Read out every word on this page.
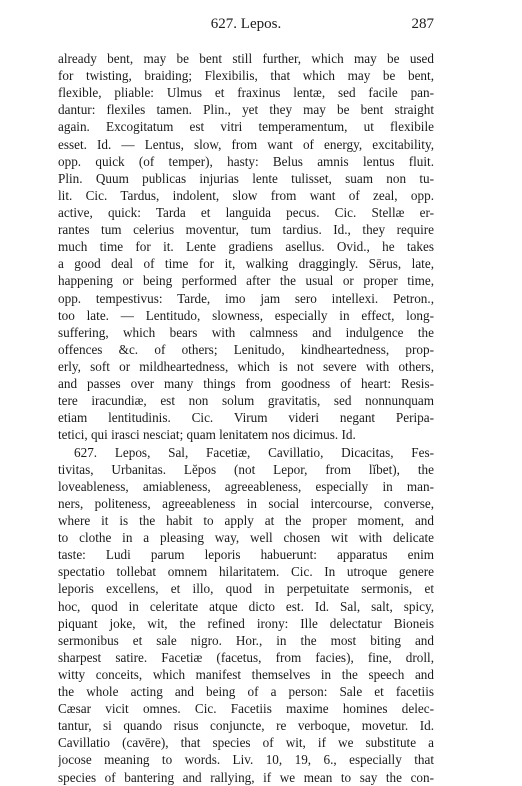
627. Lepos.	287
already bent, may be bent still further, which may be used
for twisting, braiding; Flexibilis, that which may be bent,
flexible, pliable: Ulmus et fraxinus lentæ, sed facile pan-
dantur: flexiles tamen. Plin., yet they may be bent straight
again. Excogitatum est vitri temperamentum, ut flexibile
esset. Id. — Lentus, slow, from want of energy, excitability,
opp. quick (of temper), hasty: Belus amnis lentus fluit.
Plin. Quum publicas injurias lente tulisset, suam non tu-
lit. Cic. Tardus, indolent, slow from want of zeal, opp.
active, quick: Tarda et languida pecus. Cic. Stellæ er-
rantes tum celerius moventur, tum tardius. Id., they require
much time for it. Lente gradiens asellus. Ovid., he takes
a good deal of time for it, walking draggingly. Sērus, late,
happening or being performed after the usual or proper time,
opp. tempestivus: Tarde, imo jam sero intellexi. Petron.,
too late. — Lentitudo, slowness, especially in effect, long-
suffering, which bears with calmness and indulgence the
offences &c. of others; Lenitudo, kindheartedness, prop-
erly, soft or mildheartedness, which is not severe with others,
and passes over many things from goodness of heart: Resis-
tere iracundiæ, est non solum gravitatis, sed nonnunquam
etiam lentitudinis. Cic. Virum videri negant Peripa-
tetici, qui irasci nesciat; quam lenitatem nos dicimus. Id.
627. Lepos, Sal, Facetiæ, Cavillatio, Dicacitas, Fes-
tivitas, Urbanitas. Lĕpos (not Lepor, from lĭbet), the
loveableness, amiableness, agreeableness, especially in man-
ners, politeness, agreeableness in social intercourse, converse,
where it is the habit to apply at the proper moment, and
to clothe in a pleasing way, well chosen wit with delicate
taste: Ludi parum leporis habuerunt: apparatus enim
spectatio tollebat omnem hilaritatem. Cic. In utroque genere
leporis excellens, et illo, quod in perpetuitate sermonis, et
hoc, quod in celeritate atque dicto est. Id. Sal, salt, spicy,
piquant joke, wit, the refined irony: Ille delectatur Bioneis
sermonibus et sale nigro. Hor., in the most biting and
sharpest satire. Facetiæ (facetus, from facies), fine, droll,
witty conceits, which manifest themselves in the speech and
the whole acting and being of a person: Sale et facetiis
Cæsar vicit omnes. Cic. Facetiis maxime homines delec-
tantur, si quando risus conjuncte, re verboque, movetur. Id.
Cavillatio (cavēre), that species of wit, if we substitute a
jocose meaning to words. Liv. 10, 19, 6., especially that
species of bantering and rallying, if we mean to say the con-
